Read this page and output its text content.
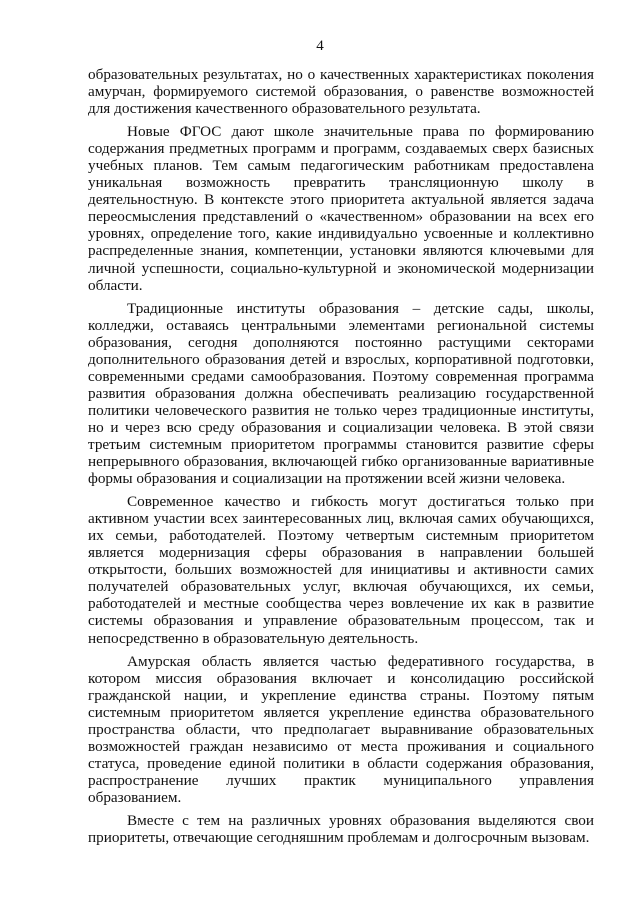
4

образовательных результатах, но о качественных характеристиках поколения амурчан, формируемого системой образования, о равенстве возможностей для достижения качественного образовательного результата.

Новые ФГОС дают школе значительные права по формированию содержания предметных программ и программ, создаваемых сверх базисных учебных планов. Тем самым педагогическим работникам предоставлена уникальная возможность превратить трансляционную школу в деятельностную. В контексте этого приоритета актуальной является задача переосмысления представлений о «качественном» образовании на всех его уровнях, определение того, какие индивидуально усвоенные и коллективно распределенные знания, компетенции, установки являются ключевыми для личной успешности, социально-культурной и экономической модернизации области.

Традиционные институты образования – детские сады, школы, колледжи, оставаясь центральными элементами региональной системы образования, сегодня дополняются постоянно растущими секторами дополнительного образования детей и взрослых, корпоративной подготовки, современными средами самообразования. Поэтому современная программа развития образования должна обеспечивать реализацию государственной политики человеческого развития не только через традиционные институты, но и через всю среду образования и социализации человека. В этой связи третьим системным приоритетом программы становится развитие сферы непрерывного образования, включающей гибко организованные вариативные формы образования и социализации на протяжении всей жизни человека.

Современное качество и гибкость могут достигаться только при активном участии всех заинтересованных лиц, включая самих обучающихся, их семьи, работодателей. Поэтому четвертым системным приоритетом является модернизация сферы образования в направлении большей открытости, больших возможностей для инициативы и активности самих получателей образовательных услуг, включая обучающихся, их семьи, работодателей и местные сообщества через вовлечение их как в развитие системы образования и управление образовательным процессом, так и непосредственно в образовательную деятельность.

Амурская область является частью федеративного государства, в котором миссия образования включает и консолидацию российской гражданской нации, и укрепление единства страны. Поэтому пятым системным приоритетом является укрепление единства образовательного пространства области, что предполагает выравнивание образовательных возможностей граждан независимо от места проживания и социального статуса, проведение единой политики в области содержания образования, распространение лучших практик муниципального управления образованием.

Вместе с тем на различных уровнях образования выделяются свои приоритеты, отвечающие сегодняшним проблемам и долгосрочным вызовам.
